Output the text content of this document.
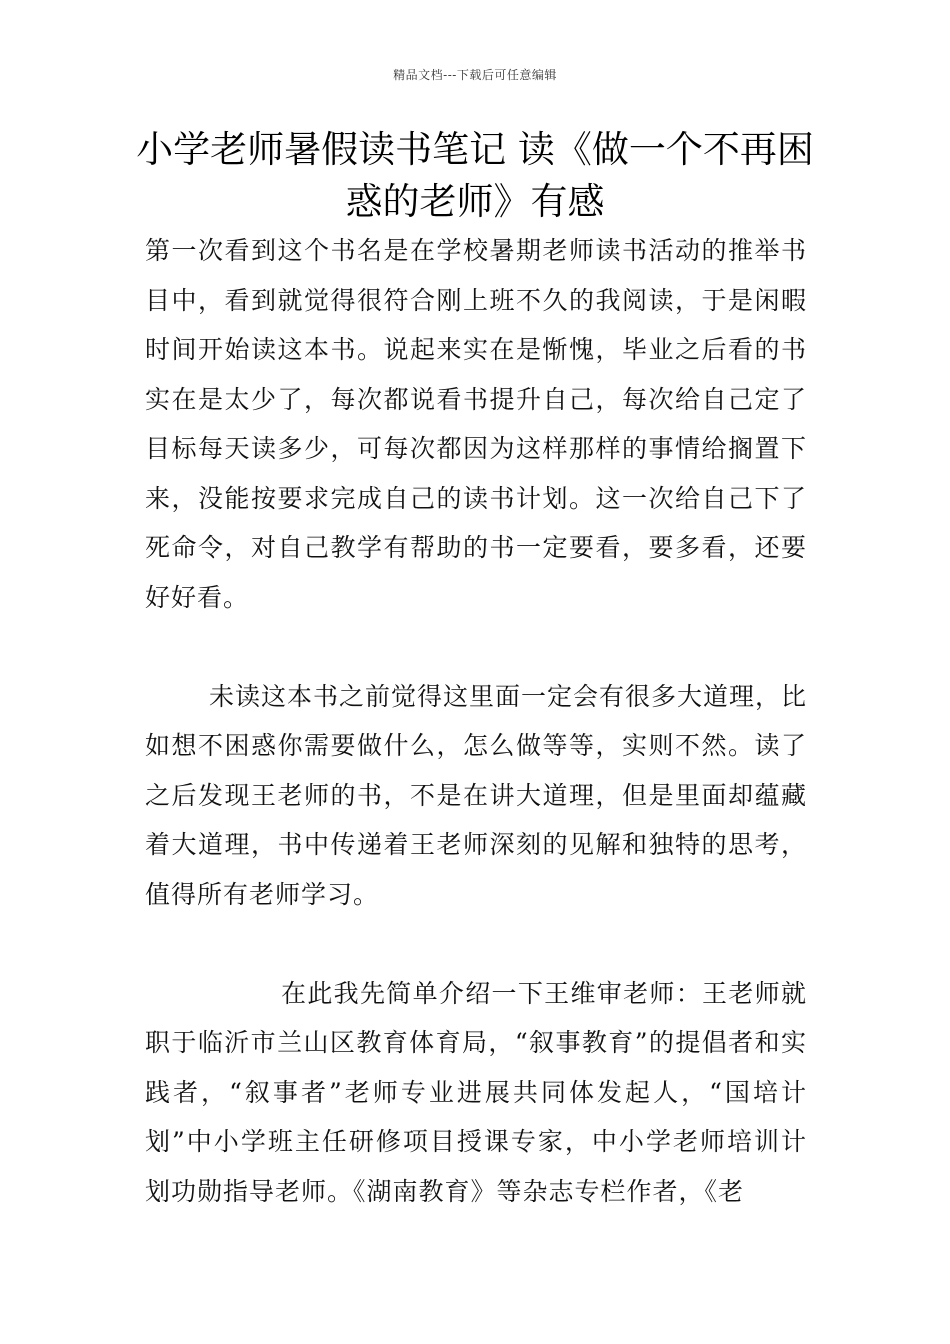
精品文档---下载后可任意编辑
小学老师暑假读书笔记 读《做一个不再困惑的老师》有感

第一次看到这个书名是在学校暑期老师读书活动的推举书目中，看到就觉得很符合刚上班不久的我阅读，于是闲暇时间开始读这本书。说起来实在是惭愧，毕业之后看的书实在是太少了，每次都说看书提升自己，每次给自己定了目标每天读多少，可每次都因为这样那样的事情给搁置下来，没能按要求完成自己的读书计划。这一次给自己下了死命令，对自己教学有帮助的书一定要看，要多看，还要好好看。

未读这本书之前觉得这里面一定会有很多大道理，比如想不困惑你需要做什么，怎么做等等，实则不然。读了之后发现王老师的书，不是在讲大道理，但是里面却蕴藏着大道理，书中传递着王老师深刻的见解和独特的思考，值得所有老师学习。

在此我先简单介绍一下王维审老师：王老师就职于临沂市兰山区教育体育局，“叙事教育”的提倡者和实践者，“叙事者”老师专业进展共同体发起人，“国培计划”中小学班主任研修项目授课专家，中小学老师培训计划功勋指导老师。《湖南教育》等杂志专栏作者，《老
